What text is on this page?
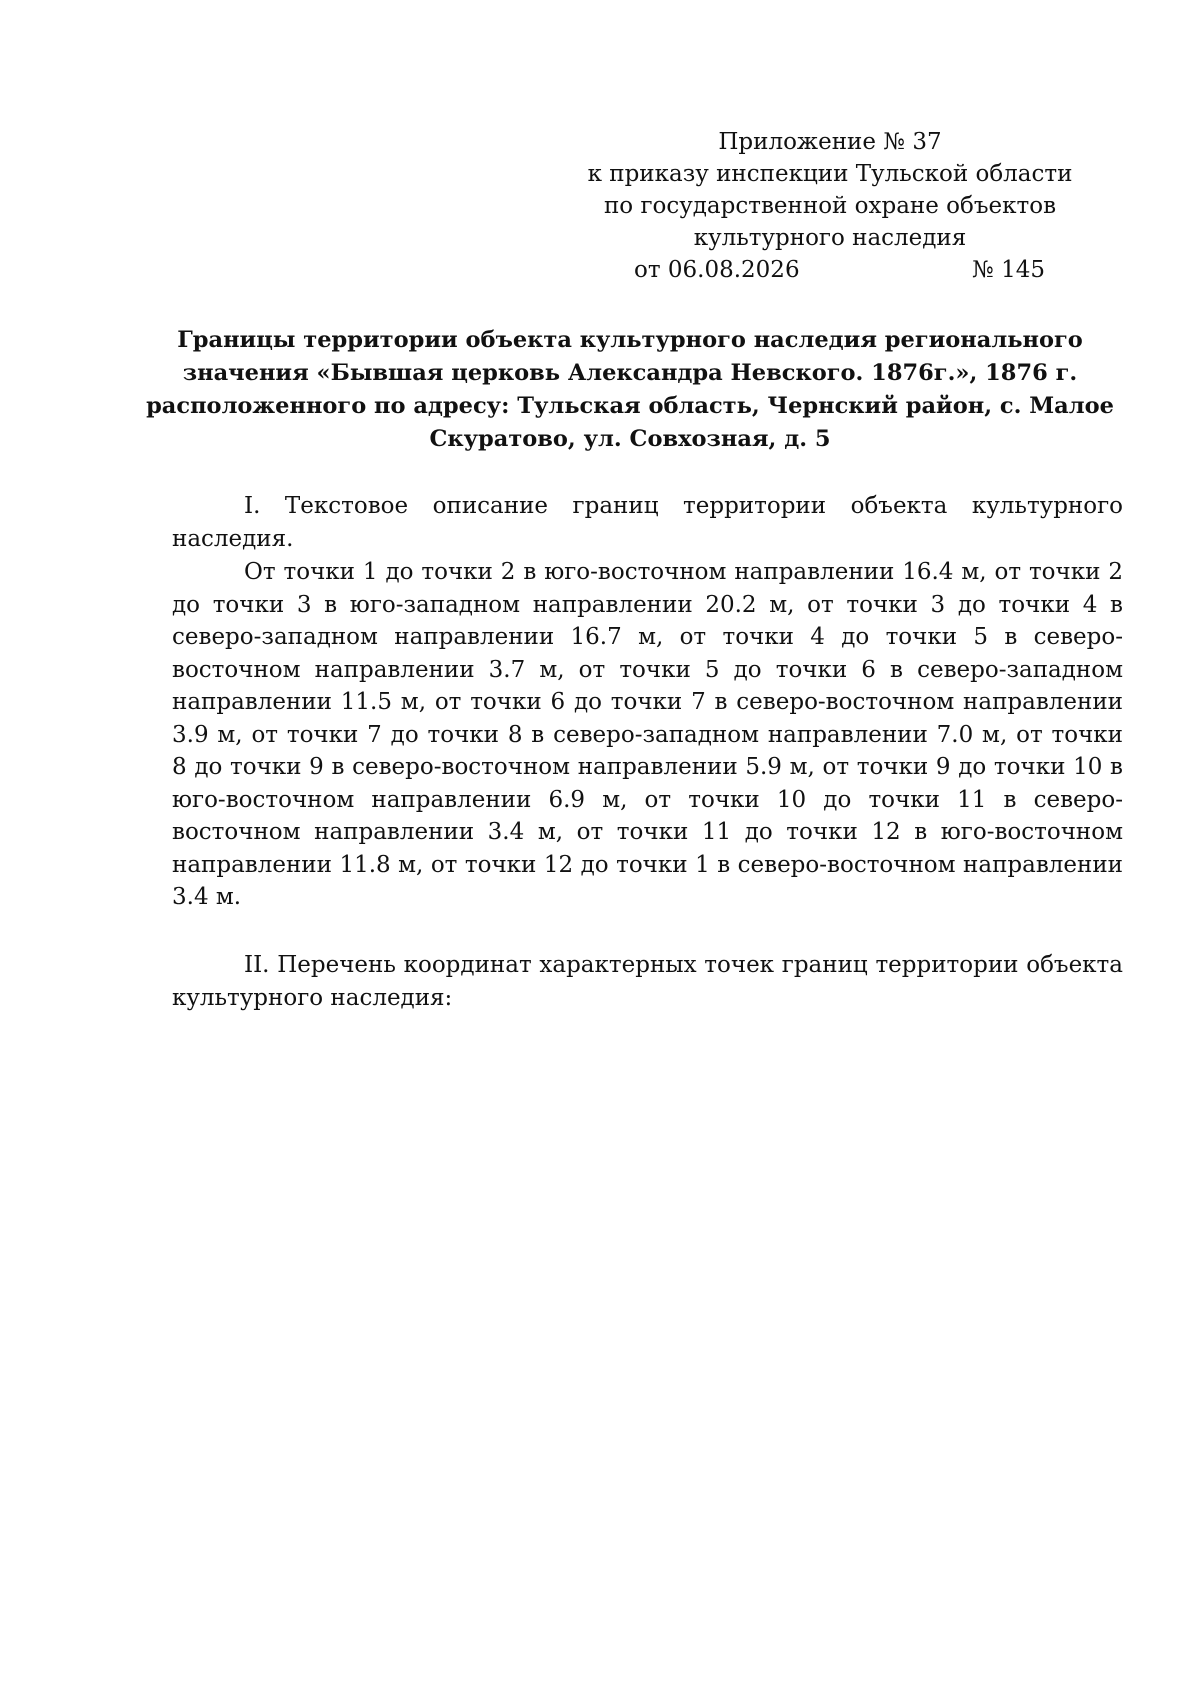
Приложение № 37
к приказу инспекции Тульской области
по государственной охране объектов
культурного наследия
от 06.08.2026	№ 145
Границы территории объекта культурного наследия регионального
значения «Бывшая церковь Александра Невского. 1876г.», 1876 г.
расположенного по адресу: Тульская область, Чернский район, с. Малое
Скуратово, ул. Совхозная, д. 5

I. Текстовое описание границ территории объекта культурного наследия.

От точки 1 до точки 2 в юго-восточном направлении 16.4 м, от точки 2 до точки 3 в юго-западном направлении 20.2 м, от точки 3 до точки 4 в северо-западном направлении 16.7 м, от точки 4 до точки 5 в северо-восточном направлении 3.7 м, от точки 5 до точки 6 в северо-западном направлении 11.5 м, от точки 6 до точки 7 в северо-восточном направлении 3.9 м, от точки 7 до точки 8 в северо-западном направлении 7.0 м, от точки 8 до точки 9 в северо-восточном направлении 5.9 м, от точки 9 до точки 10 в юго-восточном направлении 6.9 м, от точки 10 до точки 11 в северо-восточном направлении 3.4 м, от точки 11 до точки 12 в юго-восточном направлении 11.8 м, от точки 12 до точки 1 в северо-восточном направлении 3.4 м.

II. Перечень координат характерных точек границ территории объекта культурного наследия:
